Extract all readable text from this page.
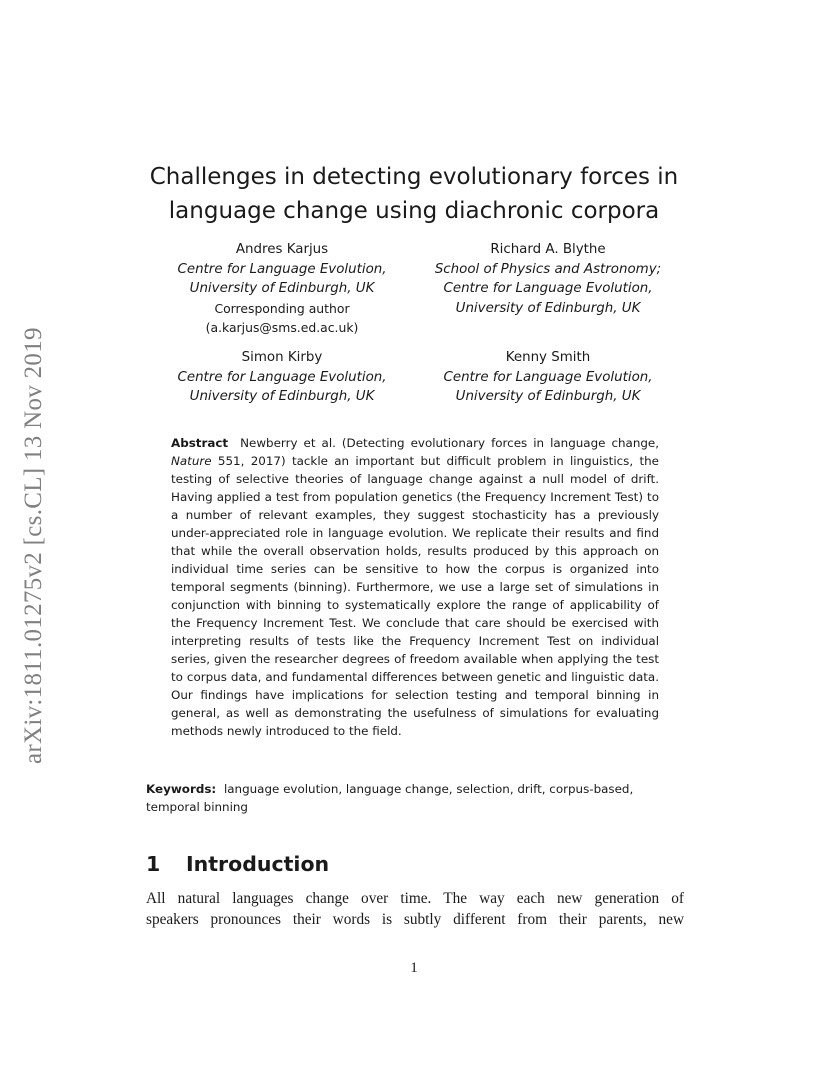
arXiv:1811.01275v2 [cs.CL] 13 Nov 2019
Challenges in detecting evolutionary forces in
language change using diachronic corpora
Andres Karjus
Centre for Language Evolution,
University of Edinburgh, UK
Corresponding author
(a.karjus@sms.ed.ac.uk)
Richard A. Blythe
School of Physics and Astronomy;
Centre for Language Evolution,
University of Edinburgh, UK
Simon Kirby
Centre for Language Evolution,
University of Edinburgh, UK
Kenny Smith
Centre for Language Evolution,
University of Edinburgh, UK
Abstract Newberry et al. (Detecting evolutionary forces in language change, Nature 551, 2017) tackle an important but difficult problem in linguistics, the testing of selective theories of language change against a null model of drift. Having applied a test from population genetics (the Frequency Increment Test) to a number of relevant examples, they suggest stochasticity has a previously under-appreciated role in language evolution. We replicate their results and find that while the overall observation holds, results produced by this approach on individual time series can be sensitive to how the corpus is organized into temporal segments (binning). Furthermore, we use a large set of simulations in conjunction with binning to systematically explore the range of applicability of the Frequency Increment Test. We conclude that care should be exercised with interpreting results of tests like the Frequency Increment Test on individual series, given the researcher degrees of freedom available when applying the test to corpus data, and fundamental differences between genetic and linguistic data. Our findings have implications for selection testing and temporal binning in general, as well as demonstrating the usefulness of simulations for evaluating methods newly introduced to the field.
Keywords: language evolution, language change, selection, drift, corpus-based, temporal binning
1 Introduction
All natural languages change over time. The way each new generation of
speakers pronounces their words is subtly different from their parents, new
1
